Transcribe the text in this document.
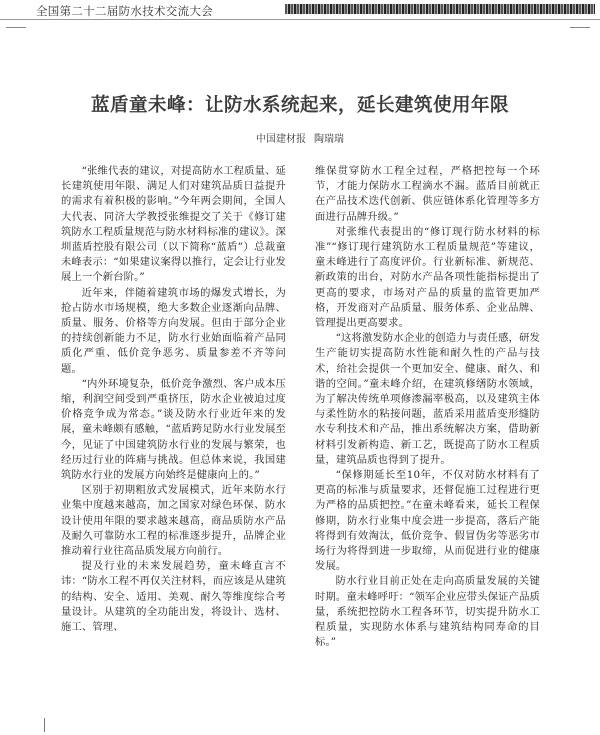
全国第二十二届防水技术交流大会
蓝盾童未峰：让防水系统起来，延长建筑使用年限
中国建材报 陶瑞瑞

“张维代表的建议，对提高防水工程质量、延长建筑使用年限、满足人们对建筑品质日益提升的需求有着积极的影响。”今年两会期间，全国人大代表、同济大学教授张维提交了关于《修订建筑防水工程质量规范与防水材料标准的建议》。深圳蓝盾控股有限公司（以下简称“蓝盾”）总裁童未峰表示：“如果建议案得以推行，定会让行业发展上一个新台阶。”

近年来，伴随着建筑市场的爆发式增长，为抢占防水市场规模，绝大多数企业逐渐向品牌、质量、服务、价格等方向发展。但由于部分企业的持续创新能力不足，防水行业始面临着产品同质化严重、低价竞争恶劣、质量参差不齐等问题。

“内外环境复杂，低价竞争激烈、客户成本压缩，利润空间受到严重挤压，防水企业被迫过度价格竞争成为常态。”谈及防水行业近年来的发展，童未峰颇有感触，“蓝盾跨足防水行业发展至今，见证了中国建筑防水行业的发展与繁荣，也经历过行业的阵痛与挑战。但总体来说，我国建筑防水行业的发展方向始终是健康向上的。”

区别于初期粗放式发展模式，近年来防水行业集中度越来越高，加之国家对绿色环保、防水设计使用年限的要求越来越高，商品质防水产品及耐久可靠防水工程的标准逐步提升，品牌企业推动着行业往高品质发展方向前行。

提及行业的未来发展趋势，童未峰直言不讳：“防水工程不再仅关注材料，而应该是从建筑的结构、安全、适用、美观、耐久等维度综合考量设计。从建筑的全功能出发，将设计、选材、施工、管理、

维保贯穿防水工程全过程，严格把控每一个环节，才能力保防水工程滴水不漏。蓝盾目前就正在产品技术迭代创新、供应链体系化管理等多方面进行品牌升级。”

对张维代表提出的“修订现行防水材料的标准”“修订现行建筑防水工程质量规范”等建议，童未峰进行了高度评价。行业新标准、新规范、新政策的出台，对防水产品各项性能指标提出了更高的要求，市场对产品的质量的监管更加严格，开发商对产品质量、服务体系、企业品牌、管理提出更高要求。

“这将激发防水企业的创造力与责任感，研发生产能切实提高防水性能和耐久性的产品与技术，给社会提供一个更加安全、健康、耐久、和谐的空间。”童未峰介绍，在建筑修缮防水领域，为了解决传统单项修渗漏率极高，以及建筑主体与柔性防水的粘接问题，蓝盾采用蓝盾变形缝防水专利技术和产品，推出系统解决方案，借助新材料引发新构造、新工艺，既提高了防水工程质量，建筑品质也得到了提升。

“保修期延长至10年，不仅对防水材料有了更高的标准与质量要求，还督促施工过程进行更为严格的品质把控。”在童未峰看来，延长工程保修期，防水行业集中度会进一步提高，落后产能将得到有效淘汰，低价竞争、假冒伪劣等恶劣市场行为将得到进一步取缔，从而促进行业的健康发展。

防水行业目前正处在走向高质量发展的关键时期。童未峰呼吁：“领军企业应带头保证产品质量，系统把控防水工程各环节，切实提升防水工程质量，实现防水体系与建筑结构同寿命的目标。”
